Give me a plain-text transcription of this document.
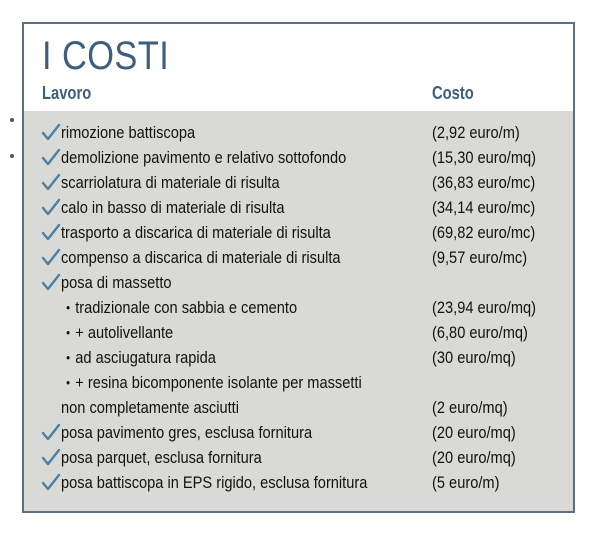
I COSTI
Lavoro	Costo
rimozione battiscopa	(2,92 euro/m)
demolizione pavimento e relativo sottofondo	(15,30 euro/mq)
scarriolatura di materiale di risulta	(36,83 euro/mc)
calo in basso di materiale di risulta	(34,14 euro/mc)
trasporto a discarica di materiale di risulta	(69,82 euro/mc)
compenso a discarica di materiale di risulta	(9,57 euro/mc)
posa di massetto
• tradizionale con sabbia e cemento	(23,94 euro/mq)
• + autolivellante	(6,80 euro/mq)
• ad asciugatura rapida	(30 euro/mq)
• + resina bicomponente isolante per massetti
non completamente asciutti	(2 euro/mq)
posa pavimento gres, esclusa fornitura	(20 euro/mq)
posa parquet, esclusa fornitura	(20 euro/mq)
posa battiscopa in EPS rigido, esclusa fornitura	(5 euro/m)
